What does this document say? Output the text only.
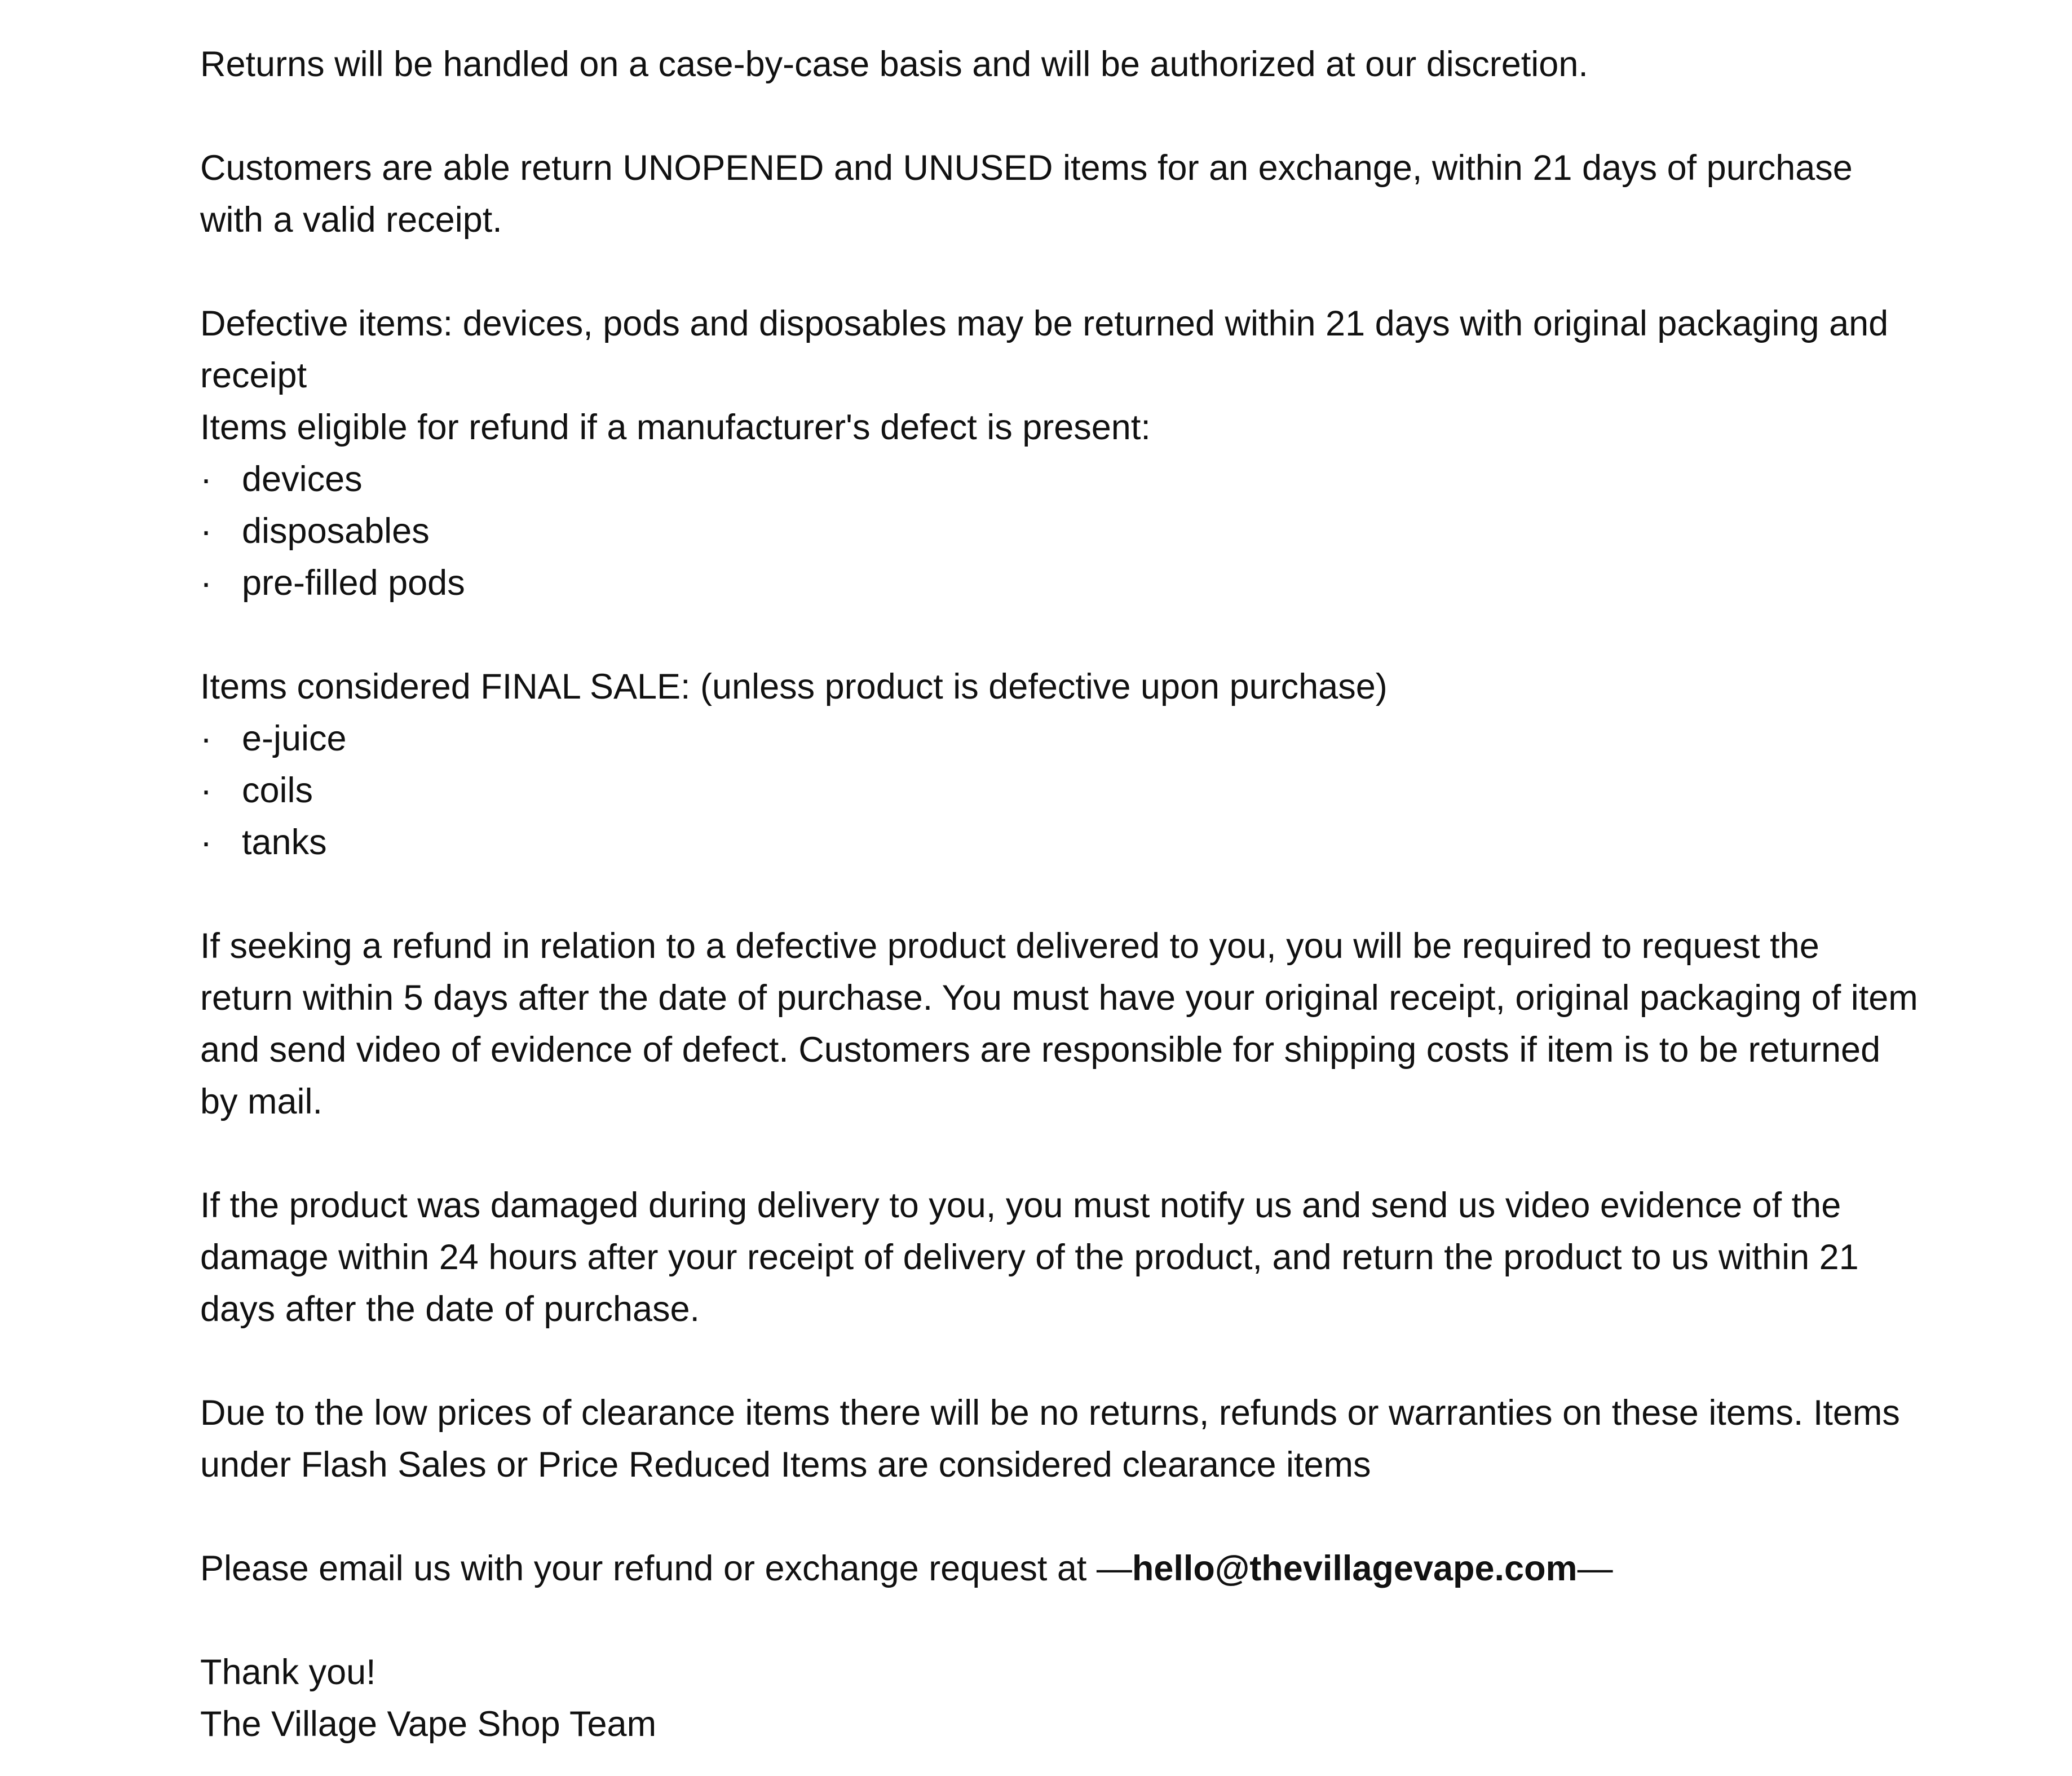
Returns will be handled on a case-by-case basis and will be authorized at our discretion.

Customers are able return UNOPENED and UNUSED items for an exchange, within 21 days of purchase with a valid receipt.

Defective items: devices, pods and disposables may be returned within 21 days with original packaging and receipt

Items eligible for refund if a manufacturer's defect is present:

· devices
· disposables
· pre-filled pods

Items considered FINAL SALE: (unless product is defective upon purchase)

· e-juice
· coils
· tanks

If seeking a refund in relation to a defective product delivered to you, you will be required to request the return within 5 days after the date of purchase. You must have your original receipt, original packaging of item and send video of evidence of defect. Customers are responsible for shipping costs if item is to be returned by mail.

If the product was damaged during delivery to you, you must notify us and send us video evidence of the damage within 24 hours after your receipt of delivery of the product, and return the product to us within 21 days after the date of purchase.

Due to the low prices of clearance items there will be no returns, refunds or warranties on these items. Items under Flash Sales or Price Reduced Items are considered clearance items

Please email us with your refund or exchange request at —hello@thevillagevape.com—

Thank you!

The Village Vape Shop Team
